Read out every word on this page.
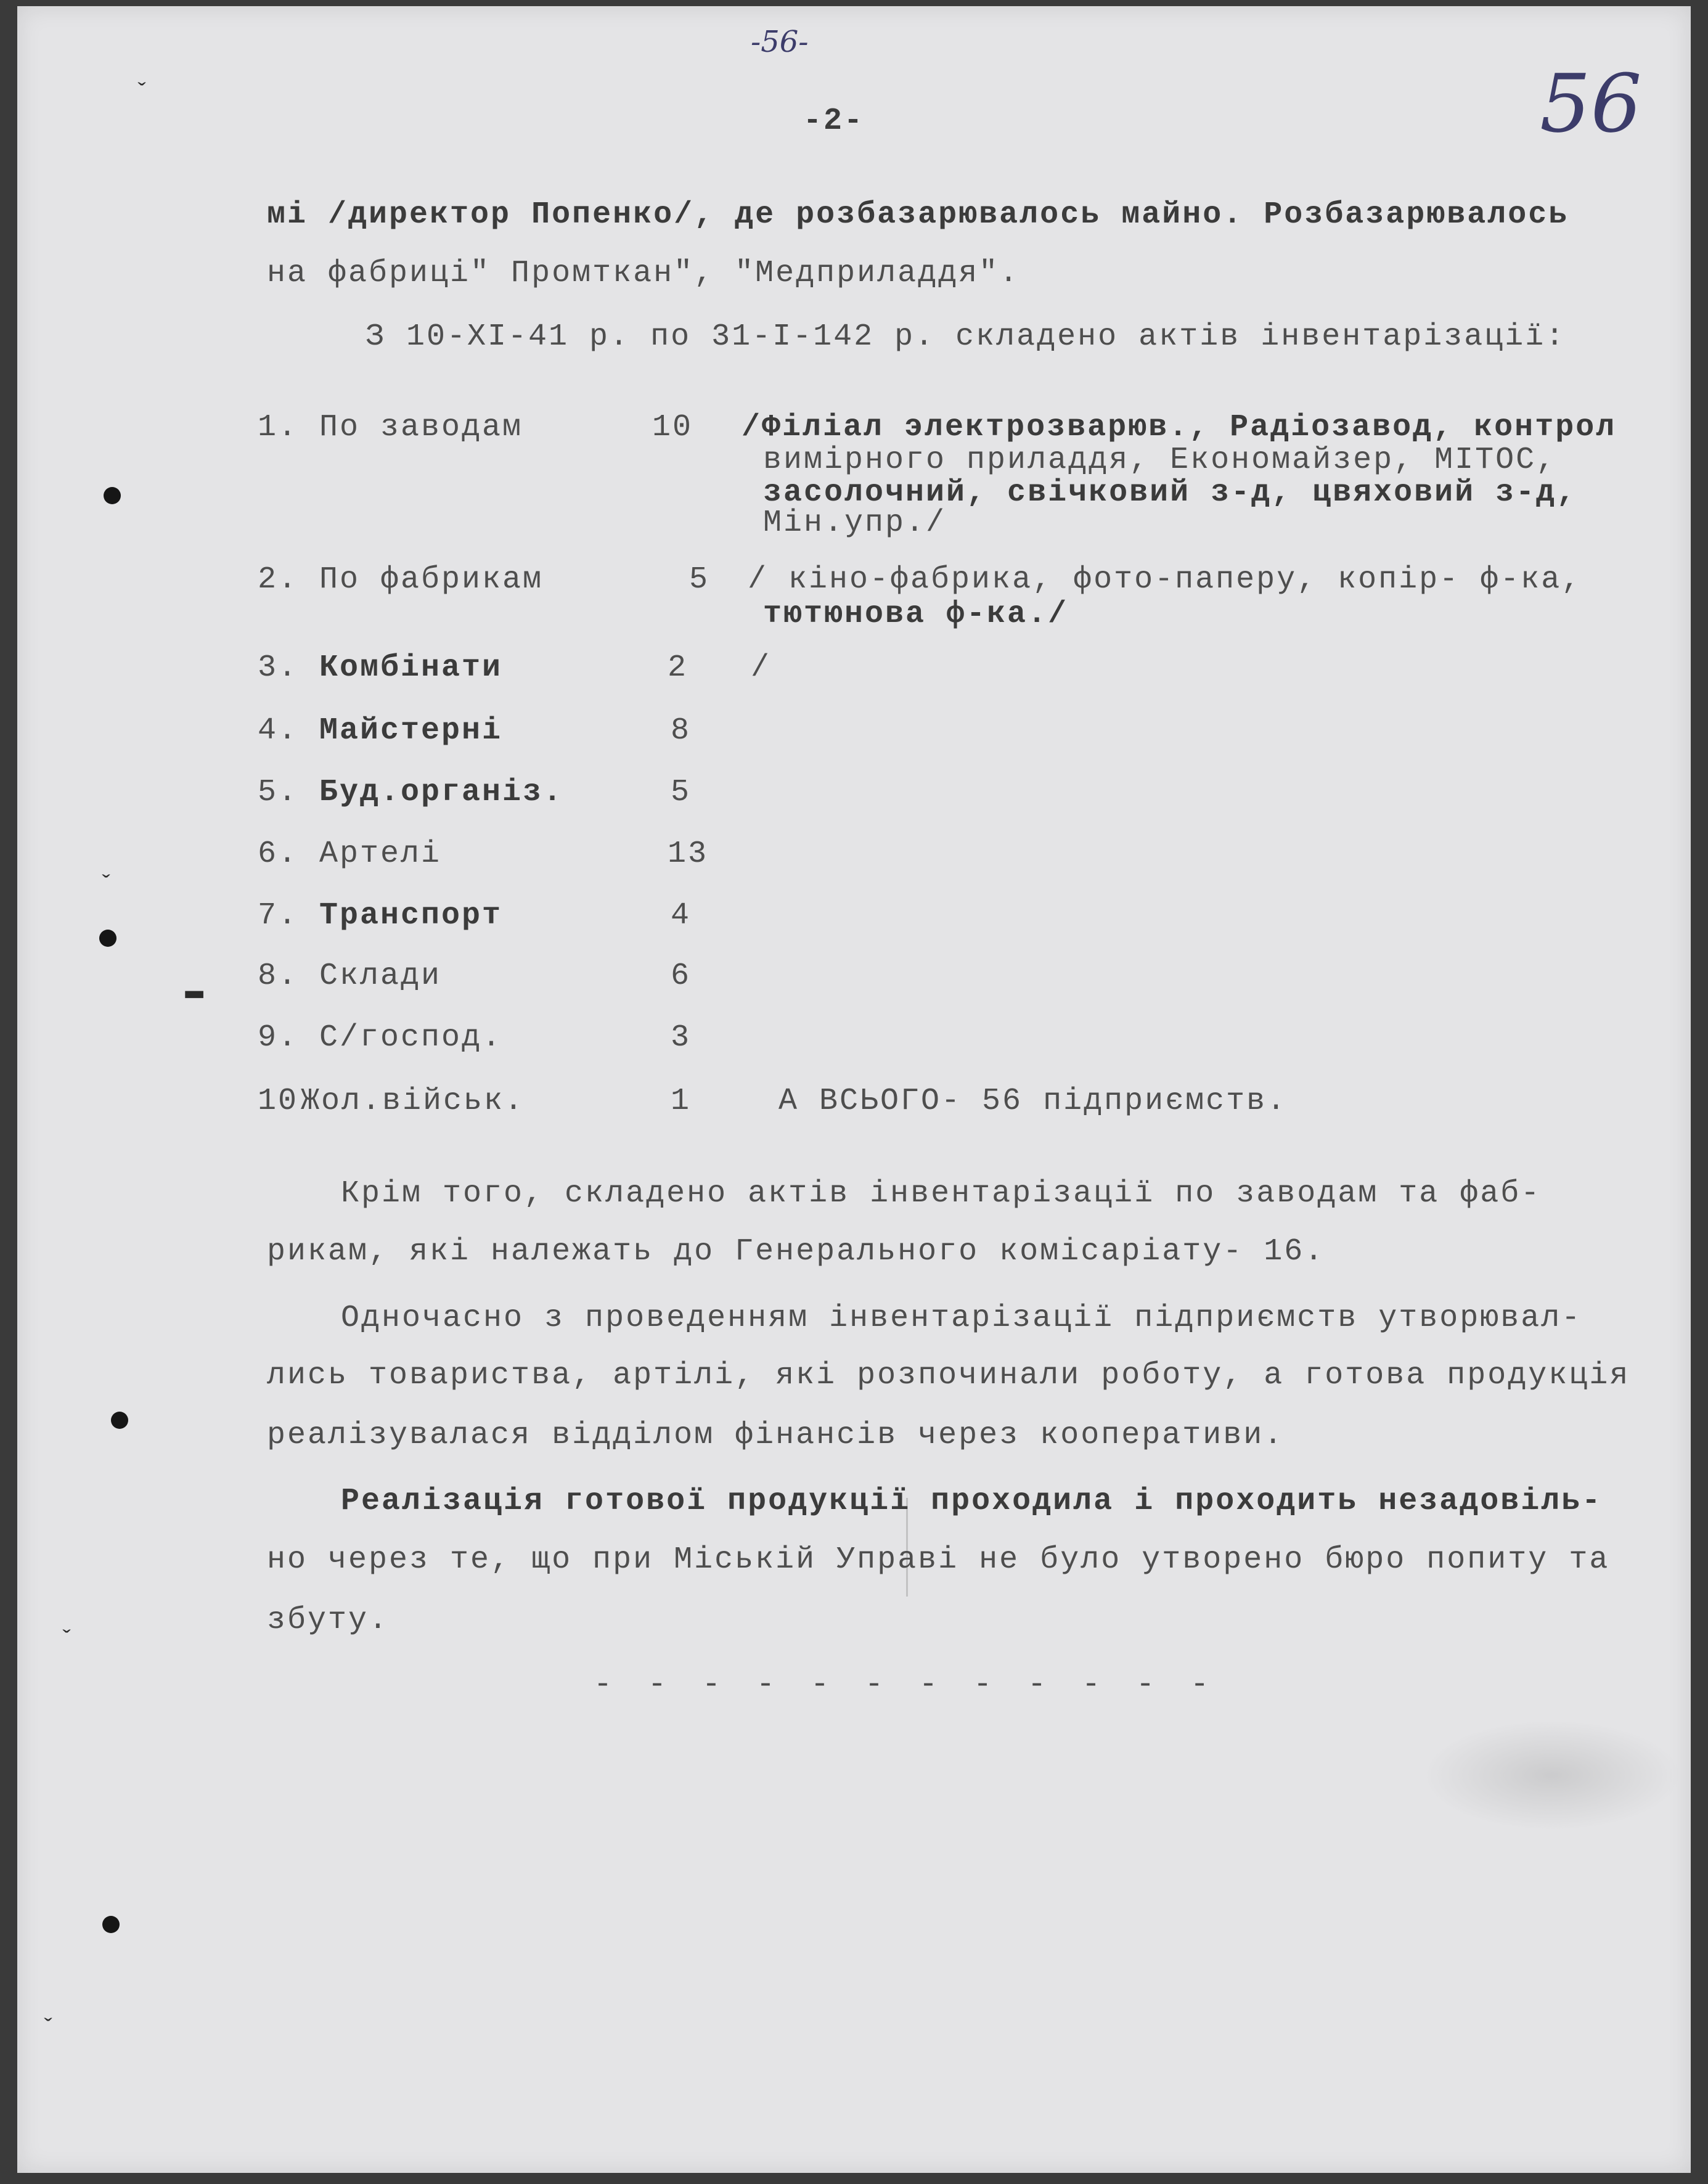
ˇ
ˇ
▬
ˇ
ˇ
-56-
56
-2-
мі /директор Попенко/, де розбазарювалось майно. Розбазарювалось
на фабриці" Промткан", "Медприладдя".
З 10-XI-41 р. по 31-I-142 р. складено актів інвентарізації:
1. По заводам	10 /Філіал электрозварюв., Радіозавод, контрол
вимірного приладдя, Економайзер, МІТОС,
засолочний, свічковий з-д, цвяховий з-д,
Мін.упр./
2. По фабрикам	5 / кіно-фабрика, фото-паперу, копір- ф-ка,
тютюнова ф-ка./
3. Комбінати	2 /
4. Майстерні	8
5. Буд.організ.	5
6. Артелі	13
7. Транспорт	4
8. Склади	6
9. С/господ.	3
10 Жол.військ.	1	А ВСЬОГО- 56 підприємств.
Крім того, складено актів інвентарізації по заводам та фаб-
рикам, які належать до Генерального комісаріату- 16.
Одночасно з проведенням інвентарізації підприємств утворювал-
лись товариства, артілі, які розпочинали роботу, а готова продукція
реалізувалася відділом фінансів через кооперативи.
Реалізація готової продукції проходила і проходить незадовіль-
но через те, що при Міській Управі не було утворено бюро попиту та
збуту.
- - - - - - - - - - - -
